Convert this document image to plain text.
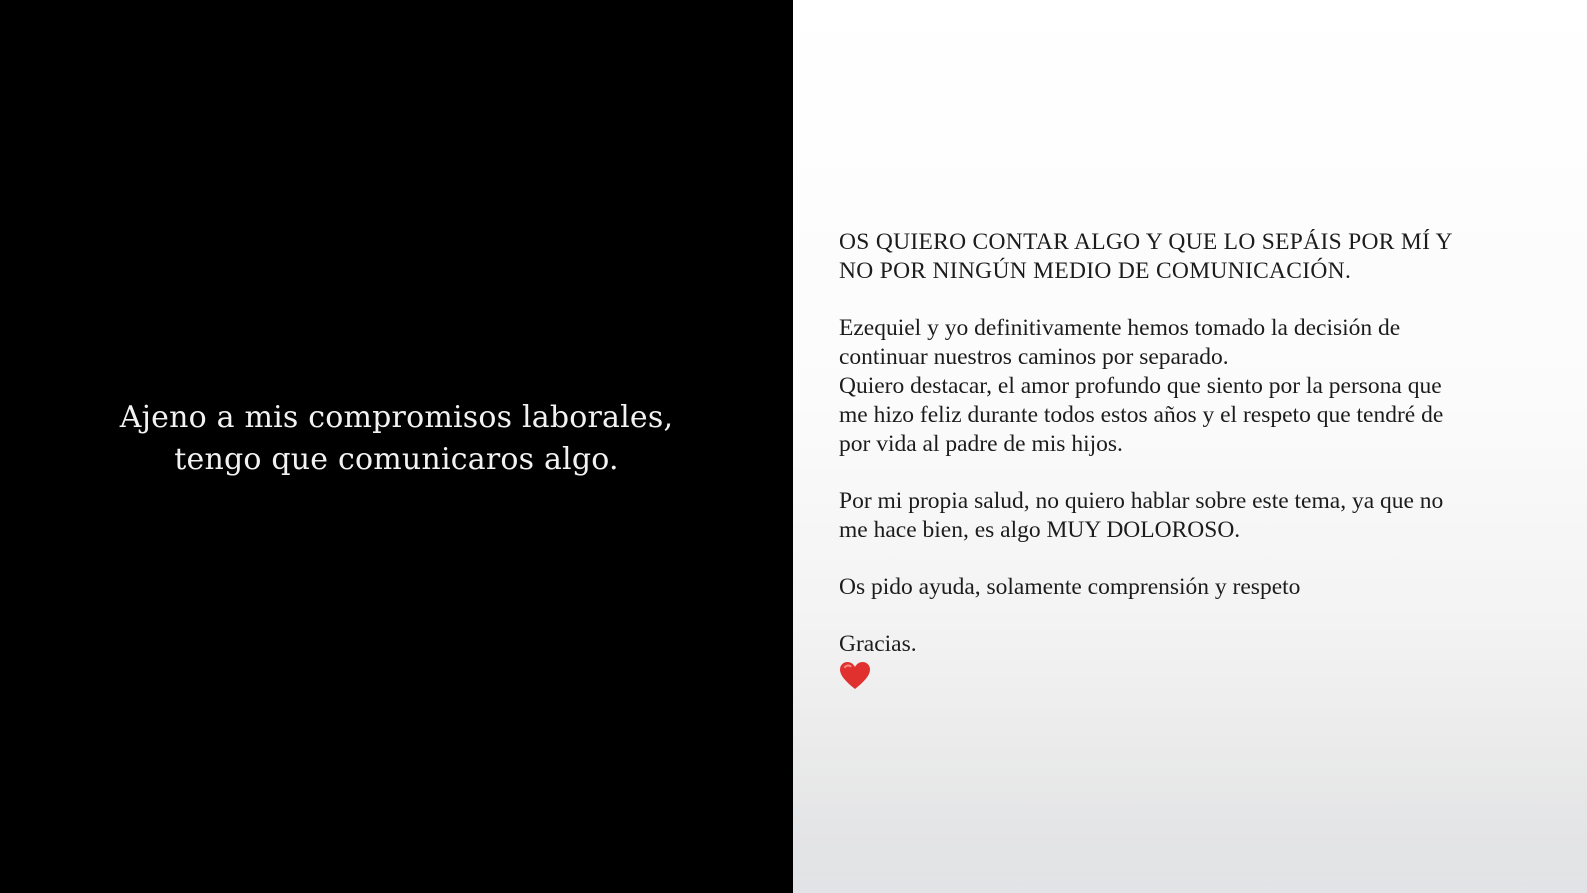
Ajeno a mis compromisos laborales,
tengo que comunicaros algo.

OS QUIERO CONTAR ALGO Y QUE LO SEPÁIS POR MÍ Y
NO POR NINGÚN MEDIO DE COMUNICACIÓN.

Ezequiel y yo definitivamente hemos tomado la decisión de
continuar nuestros caminos por separado.

Quiero destacar, el amor profundo que siento por la persona que
me hizo feliz durante todos estos años y el respeto que tendré de
por vida al padre de mis hijos.

Por mi propia salud, no quiero hablar sobre este tema, ya que no
me hace bien, es algo MUY DOLOROSO.

Os pido ayuda, solamente comprensión y respeto

Gracias.
